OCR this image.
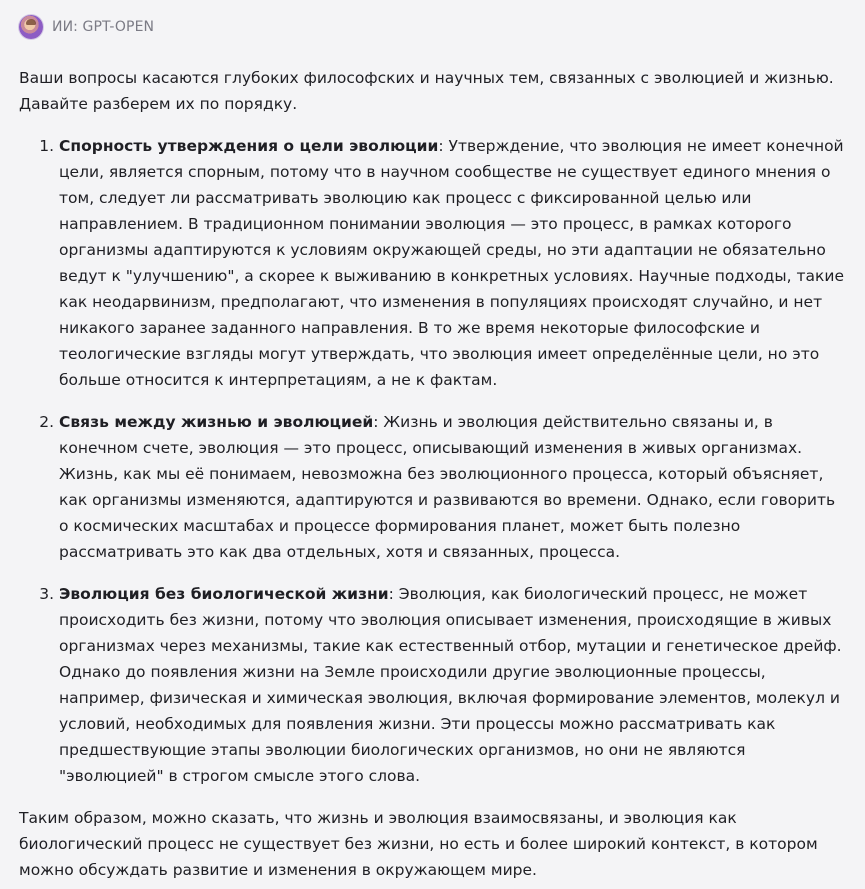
ИИ: GPT-OPEN

Ваши вопросы касаются глубоких философских и научных тем, связанных с эволюцией и жизнью. Давайте разберем их по порядку.

1. Спорность утверждения о цели эволюции: Утверждение, что эволюция не имеет конечной цели, является спорным, потому что в научном сообществе не существует единого мнения о том, следует ли рассматривать эволюцию как процесс с фиксированной целью или направлением. В традиционном понимании эволюция — это процесс, в рамках которого организмы адаптируются к условиям окружающей среды, но эти адаптации не обязательно ведут к "улучшению", а скорее к выживанию в конкретных условиях. Научные подходы, такие как неодарвинизм, предполагают, что изменения в популяциях происходят случайно, и нет никакого заранее заданного направления. В то же время некоторые философские и теологические взгляды могут утверждать, что эволюция имеет определённые цели, но это больше относится к интерпретациям, а не к фактам.
2. Связь между жизнью и эволюцией: Жизнь и эволюция действительно связаны и, в конечном счете, эволюция — это процесс, описывающий изменения в живых организмах. Жизнь, как мы её понимаем, невозможна без эволюционного процесса, который объясняет, как организмы изменяются, адаптируются и развиваются во времени. Однако, если говорить о космических масштабах и процессе формирования планет, может быть полезно рассматривать это как два отдельных, хотя и связанных, процесса.
3. Эволюция без биологической жизни: Эволюция, как биологический процесс, не может происходить без жизни, потому что эволюция описывает изменения, происходящие в живых организмах через механизмы, такие как естественный отбор, мутации и генетическое дрейф. Однако до появления жизни на Земле происходили другие эволюционные процессы, например, физическая и химическая эволюция, включая формирование элементов, молекул и условий, необходимых для появления жизни. Эти процессы можно рассматривать как предшествующие этапы эволюции биологических организмов, но они не являются "эволюцией" в строгом смысле этого слова.

Таким образом, можно сказать, что жизнь и эволюция взаимосвязаны, и эволюция как биологический процесс не существует без жизни, но есть и более широкий контекст, в котором можно обсуждать развитие и изменения в окружающем мире.
